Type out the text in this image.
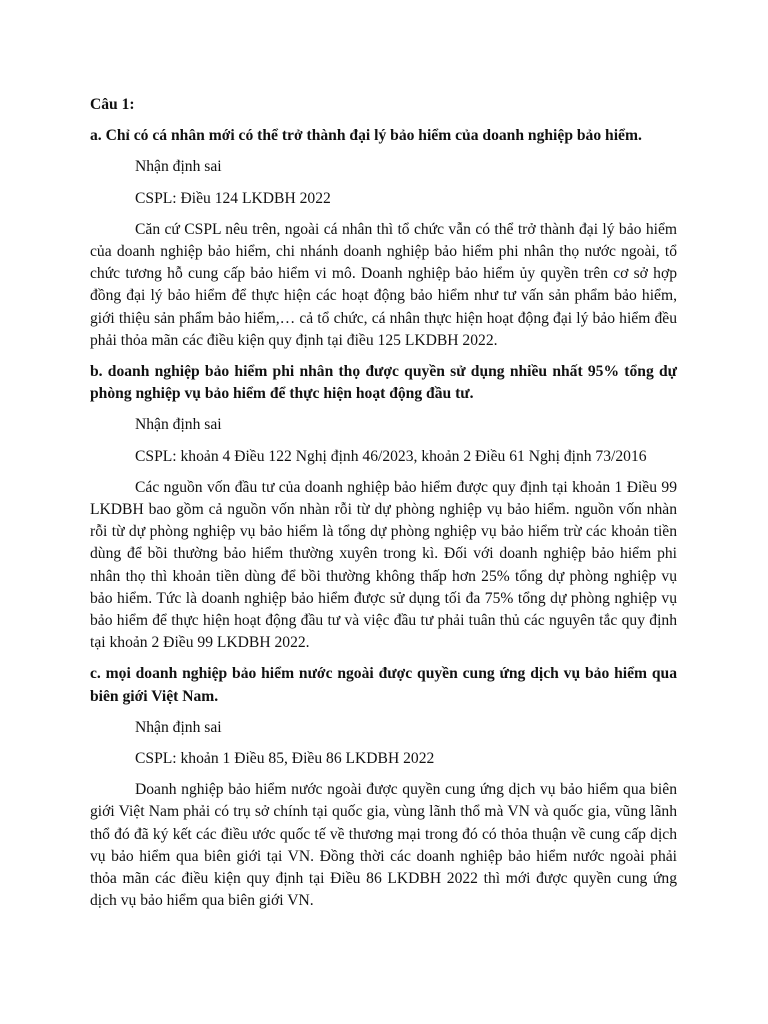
Câu 1:

a. Chỉ có cá nhân mới có thể trở thành đại lý bảo hiểm của doanh nghiệp bảo hiểm.

Nhận định sai

CSPL: Điều 124 LKDBH 2022

Căn cứ CSPL nêu trên, ngoài cá nhân thì tổ chức vẫn có thể trở thành đại lý bảo hiểm của doanh nghiệp bảo hiểm, chi nhánh doanh nghiệp bảo hiểm phi nhân thọ nước ngoài, tổ chức tương hỗ cung cấp bảo hiểm vi mô. Doanh nghiệp bảo hiểm ủy quyền trên cơ sở hợp đồng đại lý bảo hiểm để thực hiện các hoạt động bảo hiểm như tư vấn sản phẩm bảo hiểm, giới thiệu sản phẩm bảo hiểm,… cả tổ chức, cá nhân thực hiện hoạt động đại lý bảo hiểm đều phải thỏa mãn các điều kiện quy định tại điều 125 LKDBH 2022.

b. doanh nghiệp bảo hiểm phi nhân thọ được quyền sử dụng nhiều nhất 95% tổng dự phòng nghiệp vụ bảo hiểm để thực hiện hoạt động đầu tư.

Nhận định sai

CSPL: khoản 4 Điều 122 Nghị định 46/2023, khoản 2 Điều 61 Nghị định 73/2016

Các nguồn vốn đầu tư của doanh nghiệp bảo hiểm được quy định tại khoản 1 Điều 99 LKDBH bao gồm cả nguồn vốn nhàn rỗi từ dự phòng nghiệp vụ bảo hiểm. nguồn vốn nhàn rỗi từ dự phòng nghiệp vụ bảo hiểm là tổng dự phòng nghiệp vụ bảo hiểm trừ các khoản tiền dùng để bồi thường bảo hiểm thường xuyên trong kì. Đối với doanh nghiệp bảo hiểm phi nhân thọ thì khoản tiền dùng để bồi thường không thấp hơn 25% tổng dự phòng nghiệp vụ bảo hiểm. Tức là doanh nghiệp bảo hiểm được sử dụng tối đa 75% tổng dự phòng nghiệp vụ bảo hiểm để thực hiện hoạt động đầu tư và việc đầu tư phải tuân thủ các nguyên tắc quy định tại khoản 2 Điều 99 LKDBH 2022.

c. mọi doanh nghiệp bảo hiểm nước ngoài được quyền cung ứng dịch vụ bảo hiểm qua biên giới Việt Nam.

Nhận định sai

CSPL: khoản 1 Điều 85, Điều 86 LKDBH 2022

Doanh nghiệp bảo hiểm nước ngoài được quyền cung ứng dịch vụ bảo hiểm qua biên giới Việt Nam phải có trụ sở chính tại quốc gia, vùng lãnh thổ mà VN và quốc gia, vũng lãnh thổ đó đã ký kết các điều ước quốc tế về thương mại trong đó có thỏa thuận về cung cấp dịch vụ bảo hiểm qua biên giới tại VN. Đồng thời các doanh nghiệp bảo hiểm nước ngoài phải thỏa mãn các điều kiện quy định tại Điều 86 LKDBH 2022 thì mới được quyền cung ứng dịch vụ bảo hiểm qua biên giới VN.
